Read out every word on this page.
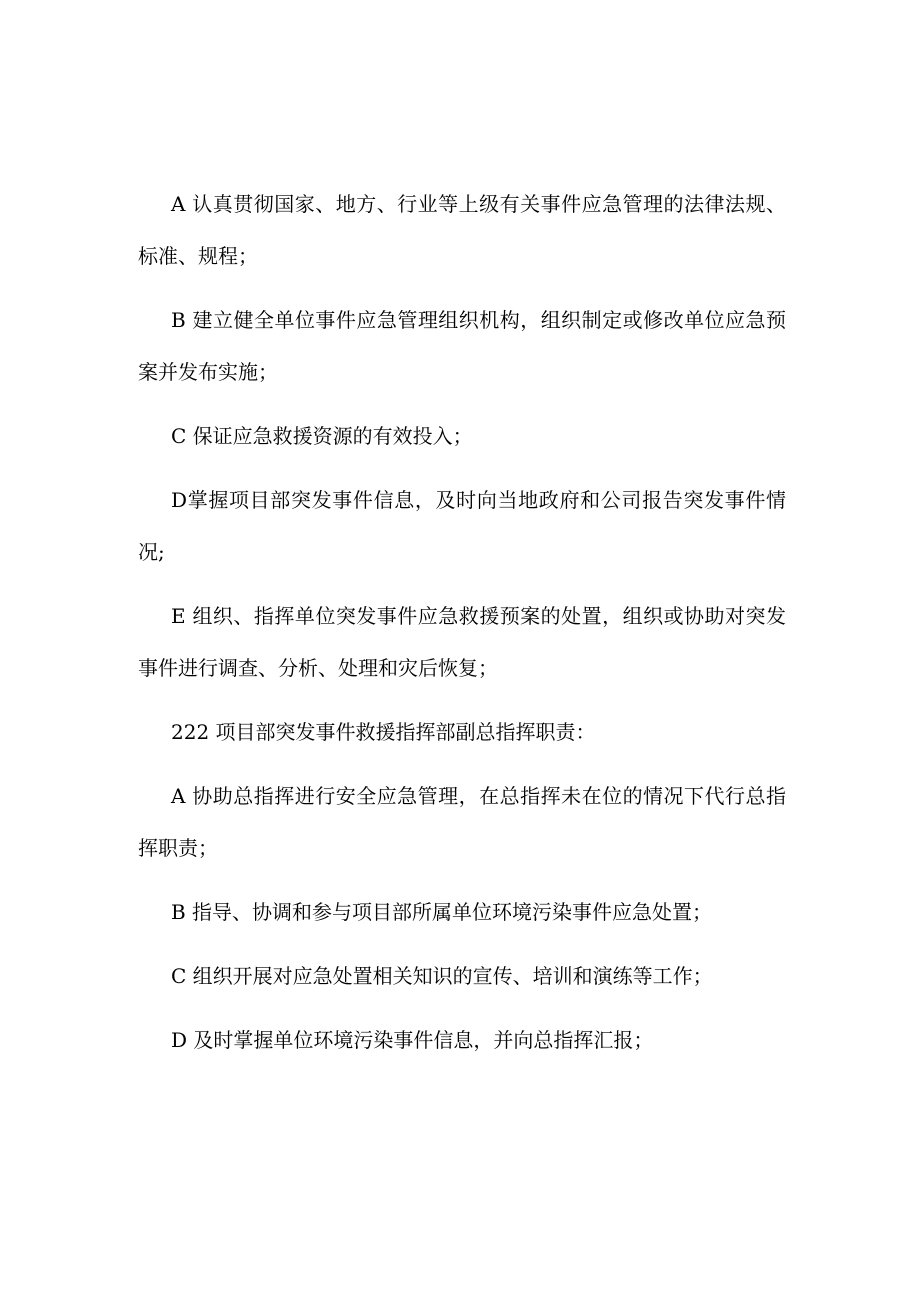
A 认真贯彻国家、地方、行业等上级有关事件应急管理的法律法规、标准、规程；

B 建立健全单位事件应急管理组织机构，组织制定或修改单位应急预案并发布实施；

C 保证应急救援资源的有效投入；

D掌握项目部突发事件信息，及时向当地政府和公司报告突发事件情况;

E 组织、指挥单位突发事件应急救援预案的处置，组织或协助对突发事件进行调查、分析、处理和灾后恢复；

222 项目部突发事件救援指挥部副总指挥职责：

A 协助总指挥进行安全应急管理，在总指挥未在位的情况下代行总指挥职责；

B 指导、协调和参与项目部所属单位环境污染事件应急处置；

C 组织开展对应急处置相关知识的宣传、培训和演练等工作；

D 及时掌握单位环境污染事件信息，并向总指挥汇报；
